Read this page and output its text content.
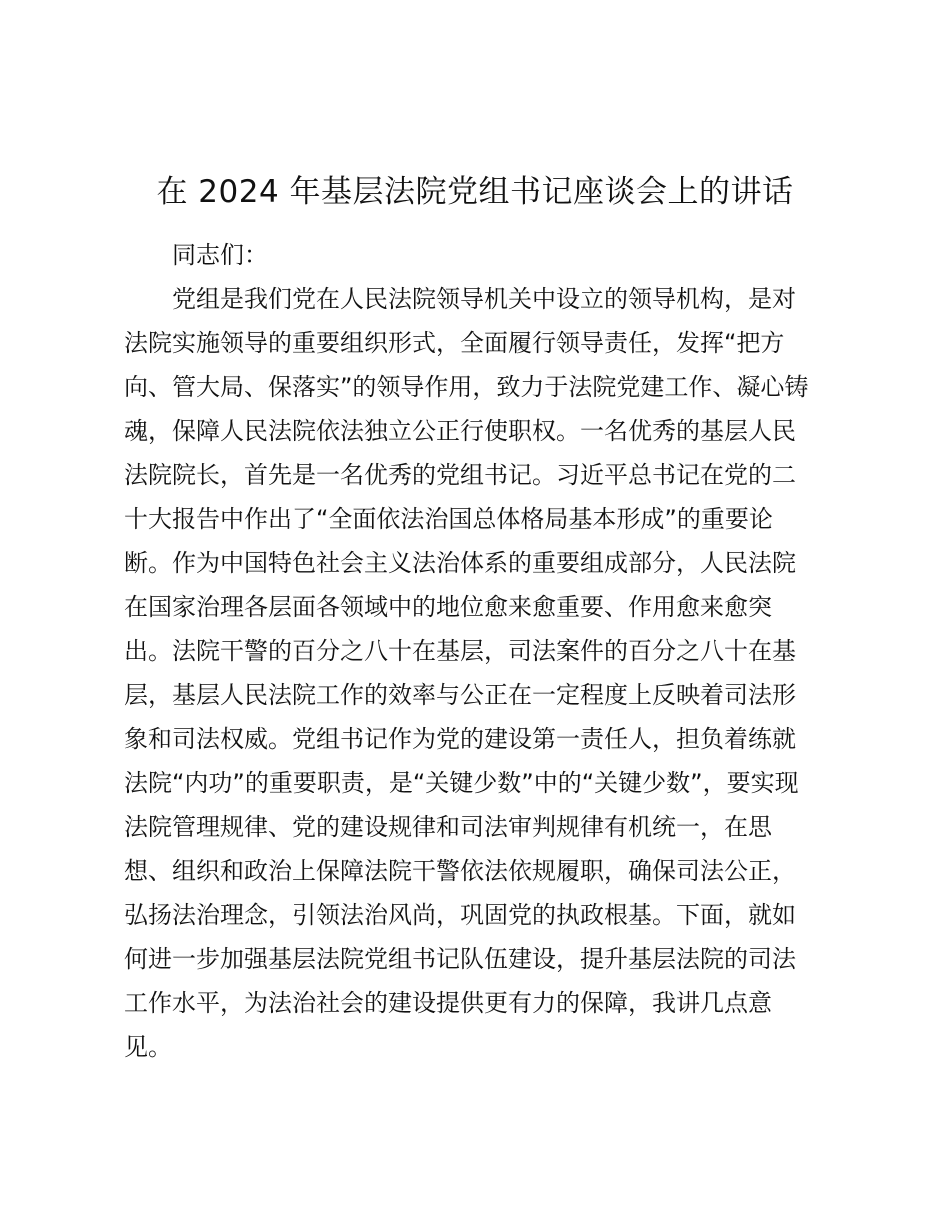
在 2024 年基层法院党组书记座谈会上的讲话
同志们：
党组是我们党在人民法院领导机关中设立的领导机构，是对
法院实施领导的重要组织形式，全面履行领导责任，发挥“把方
向、管大局、保落实”的领导作用，致力于法院党建工作、凝心铸
魂，保障人民法院依法独立公正行使职权。一名优秀的基层人民
法院院长，首先是一名优秀的党组书记。习近平总书记在党的二
十大报告中作出了“全面依法治国总体格局基本形成”的重要论
断。作为中国特色社会主义法治体系的重要组成部分，人民法院
在国家治理各层面各领域中的地位愈来愈重要、作用愈来愈突
出。法院干警的百分之八十在基层，司法案件的百分之八十在基
层，基层人民法院工作的效率与公正在一定程度上反映着司法形
象和司法权威。党组书记作为党的建设第一责任人，担负着练就
法院“内功”的重要职责，是“关键少数”中的“关键少数”，要实现
法院管理规律、党的建设规律和司法审判规律有机统一，在思
想、组织和政治上保障法院干警依法依规履职，确保司法公正，
弘扬法治理念，引领法治风尚，巩固党的执政根基。下面，就如
何进一步加强基层法院党组书记队伍建设，提升基层法院的司法
工作水平，为法治社会的建设提供更有力的保障，我讲几点意
见。
